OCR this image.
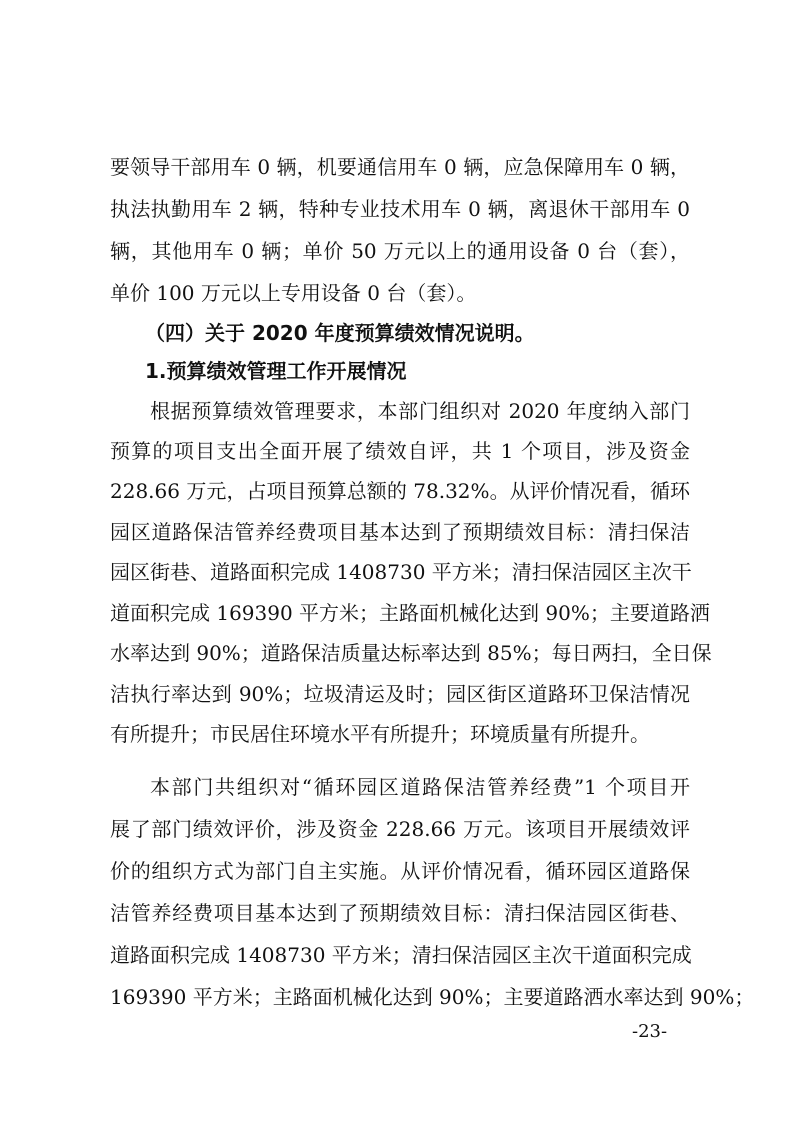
要领导干部用车 0 辆，机要通信用车 0 辆，应急保障用车 0 辆，
执法执勤用车 2 辆，特种专业技术用车 0 辆，离退休干部用车 0
辆，其他用车 0 辆；单价 50 万元以上的通用设备 0 台（套），
单价 100 万元以上专用设备 0 台（套）。
（四）关于 2020 年度预算绩效情况说明。
1.预算绩效管理工作开展情况
根据预算绩效管理要求，本部门组织对 2020 年度纳入部门
预算的项目支出全面开展了绩效自评，共 1 个项目，涉及资金
228.66 万元，占项目预算总额的 78.32%。从评价情况看，循环
园区道路保洁管养经费项目基本达到了预期绩效目标：清扫保洁
园区街巷、道路面积完成 1408730 平方米；清扫保洁园区主次干
道面积完成 169390 平方米；主路面机械化达到 90%；主要道路洒
水率达到 90%；道路保洁质量达标率达到 85%；每日两扫，全日保
洁执行率达到 90%；垃圾清运及时；园区街区道路环卫保洁情况
有所提升；市民居住环境水平有所提升；环境质量有所提升。
本部门共组织对“循环园区道路保洁管养经费”1 个项目开
展了部门绩效评价，涉及资金 228.66 万元。该项目开展绩效评
价的组织方式为部门自主实施。从评价情况看，循环园区道路保
洁管养经费项目基本达到了预期绩效目标：清扫保洁园区街巷、
道路面积完成 1408730 平方米；清扫保洁园区主次干道面积完成
169390 平方米；主路面机械化达到 90%；主要道路洒水率达到 90%；
-23-
